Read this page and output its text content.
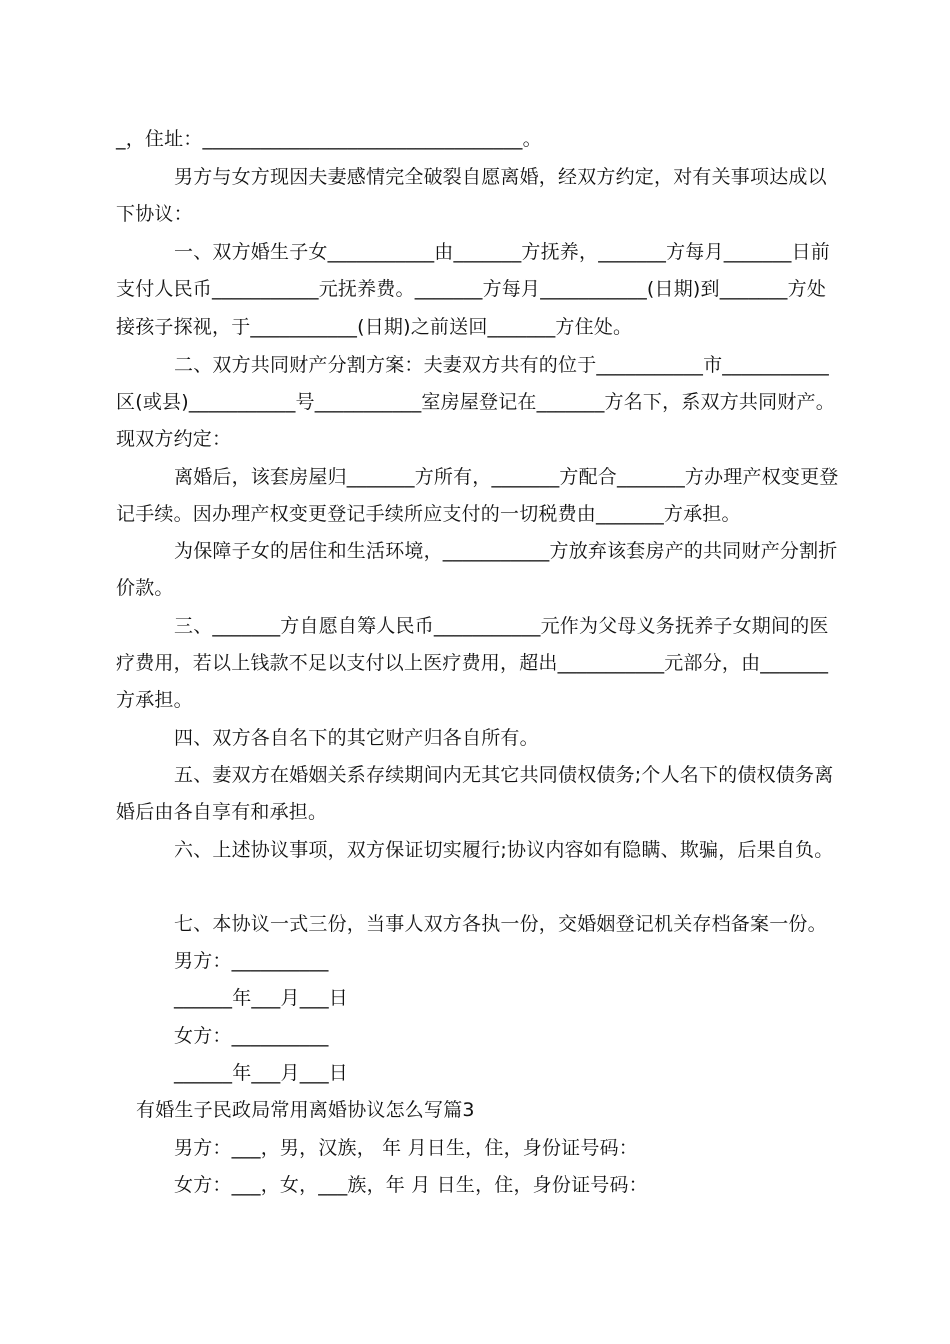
_，住址：_________________________________。
男方与女方现因夫妻感情完全破裂自愿离婚，经双方约定，对有关事项达成以
下协议：
一、双方婚生子女___________由_______方抚养，_______方每月_______日前
支付人民币___________元抚养费。_______方每月___________(日期)到_______方处
接孩子探视，于___________(日期)之前送回_______方住处。
二、双方共同财产分割方案：夫妻双方共有的位于___________市___________
区(或县)___________号___________室房屋登记在_______方名下，系双方共同财产。
现双方约定：
离婚后，该套房屋归_______方所有，_______方配合_______方办理产权变更登
记手续。因办理产权变更登记手续所应支付的一切税费由_______方承担。
为保障子女的居住和生活环境，___________方放弃该套房产的共同财产分割折
价款。
三、_______方自愿自筹人民币___________元作为父母义务抚养子女期间的医
疗费用，若以上钱款不足以支付以上医疗费用，超出___________元部分，由_______
方承担。
四、双方各自名下的其它财产归各自所有。
五、妻双方在婚姻关系存续期间内无其它共同债权债务;个人名下的债权债务离
婚后由各自享有和承担。
六、上述协议事项，双方保证切实履行;协议内容如有隐瞒、欺骗，后果自负。
七、本协议一式三份，当事人双方各执一份，交婚姻登记机关存档备案一份。
男方：__________
______年___月___日
女方：__________
______年___月___日
有婚生子民政局常用离婚协议怎么写篇3
男方：___，男，汉族， 年 月日生，住，身份证号码：
女方：___，女，___族，年 月 日生，住，身份证号码：
